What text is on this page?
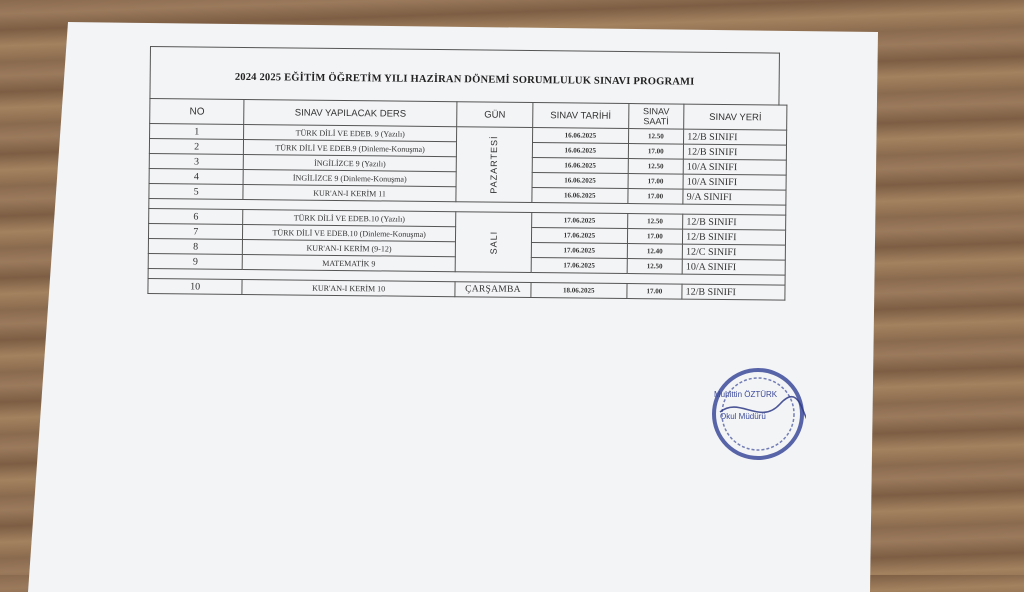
2024 2025 EĞİTİM ÖĞRETİM YILI HAZİRAN DÖNEMİ SORUMLULUK SINAVI PROGRAMI
NO	SINAV YAPILACAK DERS	GÜN	SINAV TARİHİ	SINAV SAATİ	SINAV YERİ
1	TÜRK DİLİ VE EDEB. 9 (Yazılı)	PAZARTESİ	16.06.2025	12.50	12/B SINIFI
2	TÜRK DİLİ VE EDEB.9 (Dinleme-Konuşma)		16.06.2025	17.00	12/B SINIFI
3	İNGİLİZCE 9 (Yazılı)		16.06.2025	12.50	10/A SINIFI
4	İNGİLİZCE 9 (Dinleme-Konuşma)		16.06.2025	17.00	10/A SINIFI
5	KUR'AN-I KERİM 11		16.06.2025	17.00	9/A SINIFI

6	TÜRK DİLİ VE EDEB.10 (Yazılı)	SALI	17.06.2025	12.50	12/B SINIFI
7	TÜRK DİLİ VE EDEB.10 (Dinleme-Konuşma)		17.06.2025	17.00	12/B SINIFI
8	KUR'AN-I KERİM (9-12)		17.06.2025	12.40	12/C SINIFI
9	MATEMATİK 9		17.06.2025	12.50	10/A SINIFI

10	KUR'AN-I KERİM 10	ÇARŞAMBA	18.06.2025	17.00	12/B SINIFI
Muhittin ÖZTÜRK
Okul Müdürü
